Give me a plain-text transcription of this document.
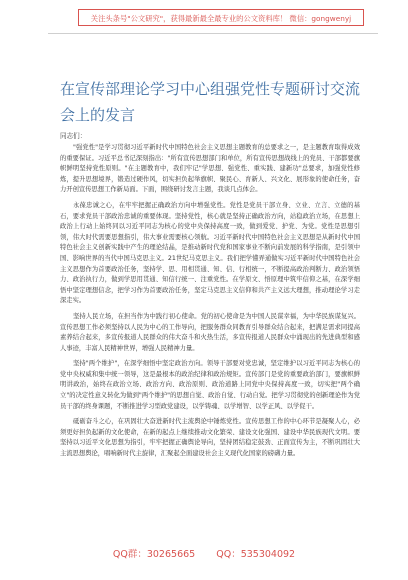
关注头条号"公文研究"，获得最新最全最专业的公文资料库！ 微信：gongwenyj
在宣传部理论学习中心组强党性专题研讨交流会上的发言
同志们：

"强党性"是学习贯彻习近平新时代中国特色社会主义思想主题教育的总要求之一，是主题教育取得成效的重要保证。习近平总书记深刻指出："所有宣传思想部门和单位，所有宣传思想战线上的党员、干部都要旗帜鲜明坚持党性原则。"在主题教育中，我们牢记"学思想、强党性、重实践、建新功"总要求，加强党性修炼，提升思想境界，锻造过硬作风，切实担负起举旗帜、聚民心、育新人、兴文化、展形象的使命任务，奋力开创宣传思想工作新局面。下面，围绕研讨发言主题，我谈几点体会。

永葆忠诚之心，在牢牢把握正确政治方向中增强党性。党性是党员干部立身、立业、立言、立德的基石，要求党员干部政治忠诚的重要体现。坚持党性，核心就是坚持正确政治方向，站稳政治立场，在思想上政治上行动上始终同以习近平同志为核心的党中央保持高度一致，做到爱党、护党、为党。党性是思想引领，伟大时代需要思想指引，伟大事业需要核心领航。习近平新时代中国特色社会主义思想是从新时代中国特色社会主义创新实践中产生的理论结晶，是推动新时代党和国家事业不断向前发展的科学指南，是引领中国、影响世界的当代中国马克思主义。21世纪马克思主义。我们把学懂弄通做实习近平新时代中国特色社会主义思想作为首要政治任务，坚持学、思、用相贯通、知、信、行相统一，不断提高政治判断力、政治领悟力、政治执行力，做到学思用贯通、知信行统一、注重党性。在学原文、悟原理中筑牢信仰之基，在深学细悟中坚定理想信念，把学习作为首要政治任务，坚定马克思主义信仰和共产主义远大理想，推动理论学习走深走实。

坚持人民立场，在担当作为中践行初心使命。党的初心使命是为中国人民谋幸福，为中华民族谋复兴。宣传思想工作必须坚持以人民为中心的工作导向，把服务群众同教育引导群众结合起来，把满足需求同提高素养结合起来，多宣传报道人民群众的伟大奋斗和火热生活，多宣传报道人民群众中涌现出的先进典型和感人事迹，丰富人民精神世界，增强人民精神力量。

坚持"两个维护"，在深学细悟中坚定政治方向。领导干部要对党忠诚，坚定维护以习近平同志为核心的党中央权威和集中统一领导，这是最根本的政治纪律和政治规矩。宣传部门是党的重要政治部门，要旗帜鲜明讲政治，始终在政治立场、政治方向、政治原则、政治道路上同党中央保持高度一致，切实把"两个确立"的决定性意义转化为做到"两个维护"的思想自觉、政治自觉、行动自觉。把学习贯彻党的创新理论作为党员干部的终身课题，不断推进学习型政党建设，以学铸魂、以学增智、以学正风、以学促干。

砥砺奋斗之心，在巩固壮大奋进新时代主流舆论中锤炼党性。宣传思想工作的中心环节是凝聚人心，必须更好担负起新的文化使命，在新的起点上继续推动文化繁荣、建设文化强国、建设中华民族现代文明。要坚持以习近平文化思想为指引，牢牢把握正确舆论导向，坚持团结稳定鼓劲、正面宣传为主，不断巩固壮大主流思想舆论，唱响新时代主旋律，汇聚起全面建设社会主义现代化国家的磅礴力量。

QQ群：30265665 QQ：535304092
